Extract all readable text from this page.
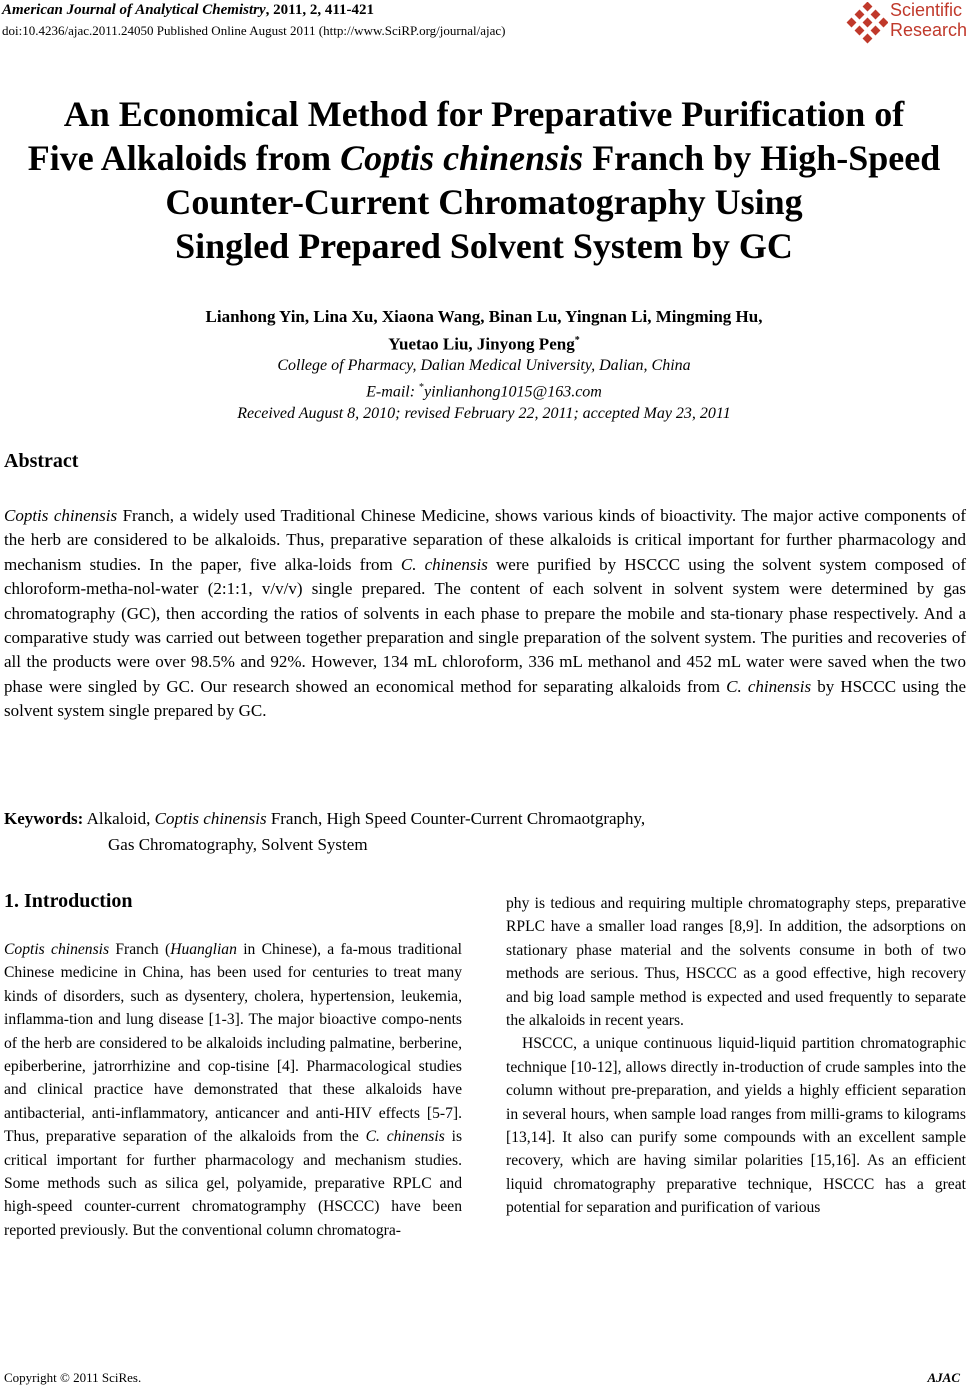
American Journal of Analytical Chemistry, 2011, 2, 411-421
doi:10.4236/ajac.2011.24050 Published Online August 2011 (http://www.SciRP.org/journal/ajac)
Scientific
Research
An Economical Method for Preparative Purification of
Five Alkaloids from Coptis chinensis Franch by High-Speed
Counter-Current Chromatography Using
Singled Prepared Solvent System by GC
Lianhong Yin, Lina Xu, Xiaona Wang, Binan Lu, Yingnan Li, Mingming Hu,
Yuetao Liu, Jinyong Peng*
College of Pharmacy, Dalian Medical University, Dalian, China
E-mail: *yinlianhong1015@163.com
Received August 8, 2010; revised February 22, 2011; accepted May 23, 2011
Abstract
Coptis chinensis Franch, a widely used Traditional Chinese Medicine, shows various kinds of bioactivity. The major active components of the herb are considered to be alkaloids. Thus, preparative separation of these alkaloids is critical important for further pharmacology and mechanism studies. In the paper, five alka-loids from C. chinensis were purified by HSCCC using the solvent system composed of chloroform-metha-nol-water (2:1:1, v/v/v) single prepared. The content of each solvent in solvent system were determined by gas chromatography (GC), then according the ratios of solvents in each phase to prepare the mobile and sta-tionary phase respectively. And a comparative study was carried out between together preparation and single preparation of the solvent system. The purities and recoveries of all the products were over 98.5% and 92%. However, 134 mL chloroform, 336 mL methanol and 452 mL water were saved when the two phase were singled by GC. Our research showed an economical method for separating alkaloids from C. chinensis by HSCCC using the solvent system single prepared by GC.
Keywords: Alkaloid, Coptis chinensis Franch, High Speed Counter-Current Chromaotgraphy,
Gas Chromatography, Solvent System
1. Introduction
Coptis chinensis Franch (Huanglian in Chinese), a fa-mous traditional Chinese medicine in China, has been used for centuries to treat many kinds of disorders, such as dysentery, cholera, hypertension, leukemia, inflamma-tion and lung disease [1-3]. The major bioactive compo-nents of the herb are considered to be alkaloids including palmatine, berberine, epiberberine, jatrorrhizine and cop-tisine [4]. Pharmacological studies and clinical practice have demonstrated that these alkaloids have antibacterial, anti-inflammatory, anticancer and anti-HIV effects [5-7]. Thus, preparative separation of the alkaloids from the C. chinensis is critical important for further pharmacology and mechanism studies. Some methods such as silica gel, polyamide, preparative RPLC and high-speed counter-current chromatogramphy (HSCCC) have been reported previously. But the conventional column chromatogra-
phy is tedious and requiring multiple chromatography steps, preparative RPLC have a smaller load ranges [8,9]. In addition, the adsorptions on stationary phase material and the solvents consume in both of two methods are serious. Thus, HSCCC as a good effective, high recovery and big load sample method is expected and used frequently to separate the alkaloids in recent years.
HSCCC, a unique continuous liquid-liquid partition chromatographic technique [10-12], allows directly in-troduction of crude samples into the column without pre-preparation, and yields a highly efficient separation in several hours, when sample load ranges from milli-grams to kilograms [13,14]. It also can purify some compounds with an excellent sample recovery, which are having similar polarities [15,16]. As an efficient liquid chromatography preparative technique, HSCCC has a great potential for separation and purification of various
Copyright © 2011 SciRes.	AJAC
